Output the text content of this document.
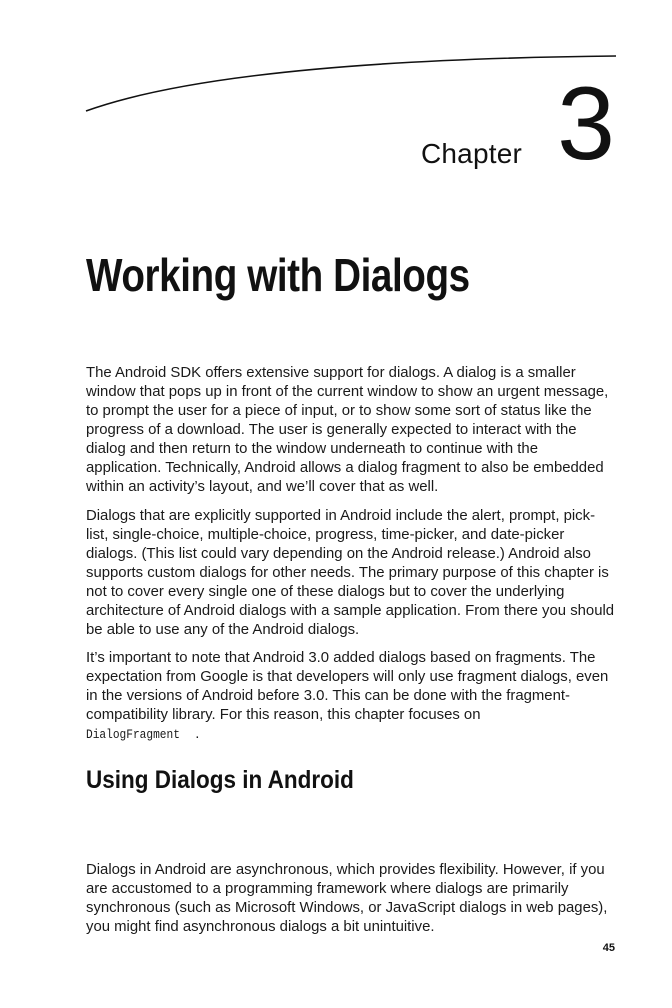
Chapter 3
Working with Dialogs

The Android SDK offers extensive support for dialogs. A dialog is a smaller window that pops up in front of the current window to show an urgent message, to prompt the user for a piece of input, or to show some sort of status like the progress of a download. The user is generally expected to interact with the dialog and then return to the window underneath to continue with the application. Technically, Android allows a dialog fragment to also be embedded within an activity’s layout, and we’ll cover that as well.

Dialogs that are explicitly supported in Android include the alert, prompt, pick-list, single-choice, multiple-choice, progress, time-picker, and date-picker dialogs. (This list could vary depending on the Android release.) Android also supports custom dialogs for other needs. The primary purpose of this chapter is not to cover every single one of these dialogs but to cover the underlying architecture of Android dialogs with a sample application. From there you should be able to use any of the Android dialogs.

It’s important to note that Android 3.0 added dialogs based on fragments. The expectation from Google is that developers will only use fragment dialogs, even in the versions of Android before 3.0. This can be done with the fragment-compatibility library. For this reason, this chapter focuses on
DialogFragment .

Using Dialogs in Android

Dialogs in Android are asynchronous, which provides flexibility. However, if you are accustomed to a programming framework where dialogs are primarily synchronous (such as Microsoft Windows, or JavaScript dialogs in web pages), you might find asynchronous dialogs a bit unintuitive.

45
